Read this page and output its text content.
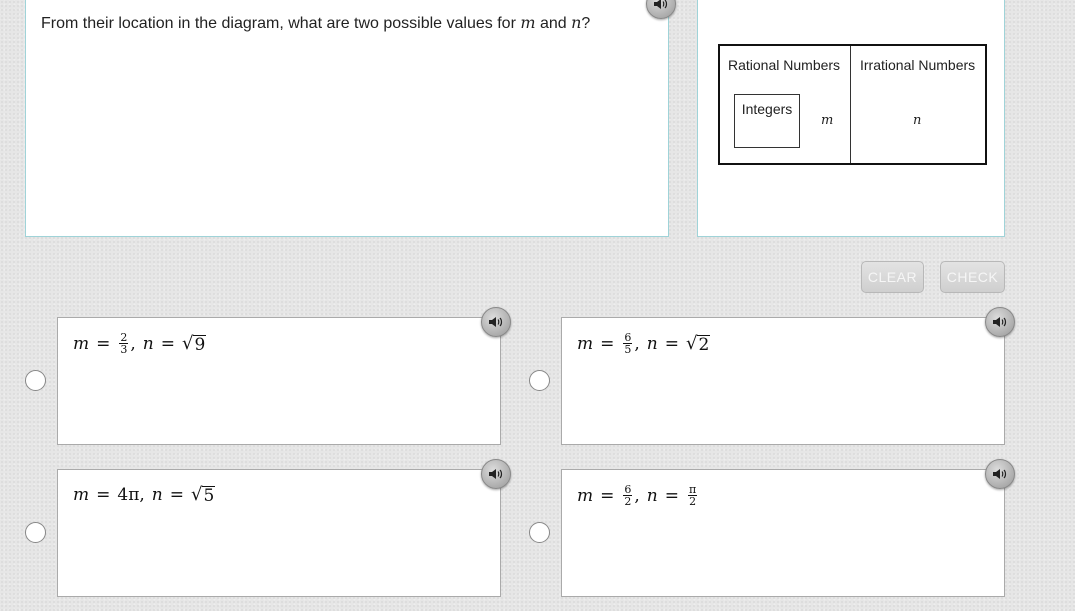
From their location in the diagram, what are two possible values for m and n?
Rational Numbers Irrational Numbers
Integers
m	n
CLEAR	CHECK
$m = \frac{2}{3}$ , n = √ 9	$m = \frac{6}{5}$ , n = √ 2
m = 4π , n = √ 5	$m = \frac{6}{2}$ , $n = \frac{\pi}{2}$
